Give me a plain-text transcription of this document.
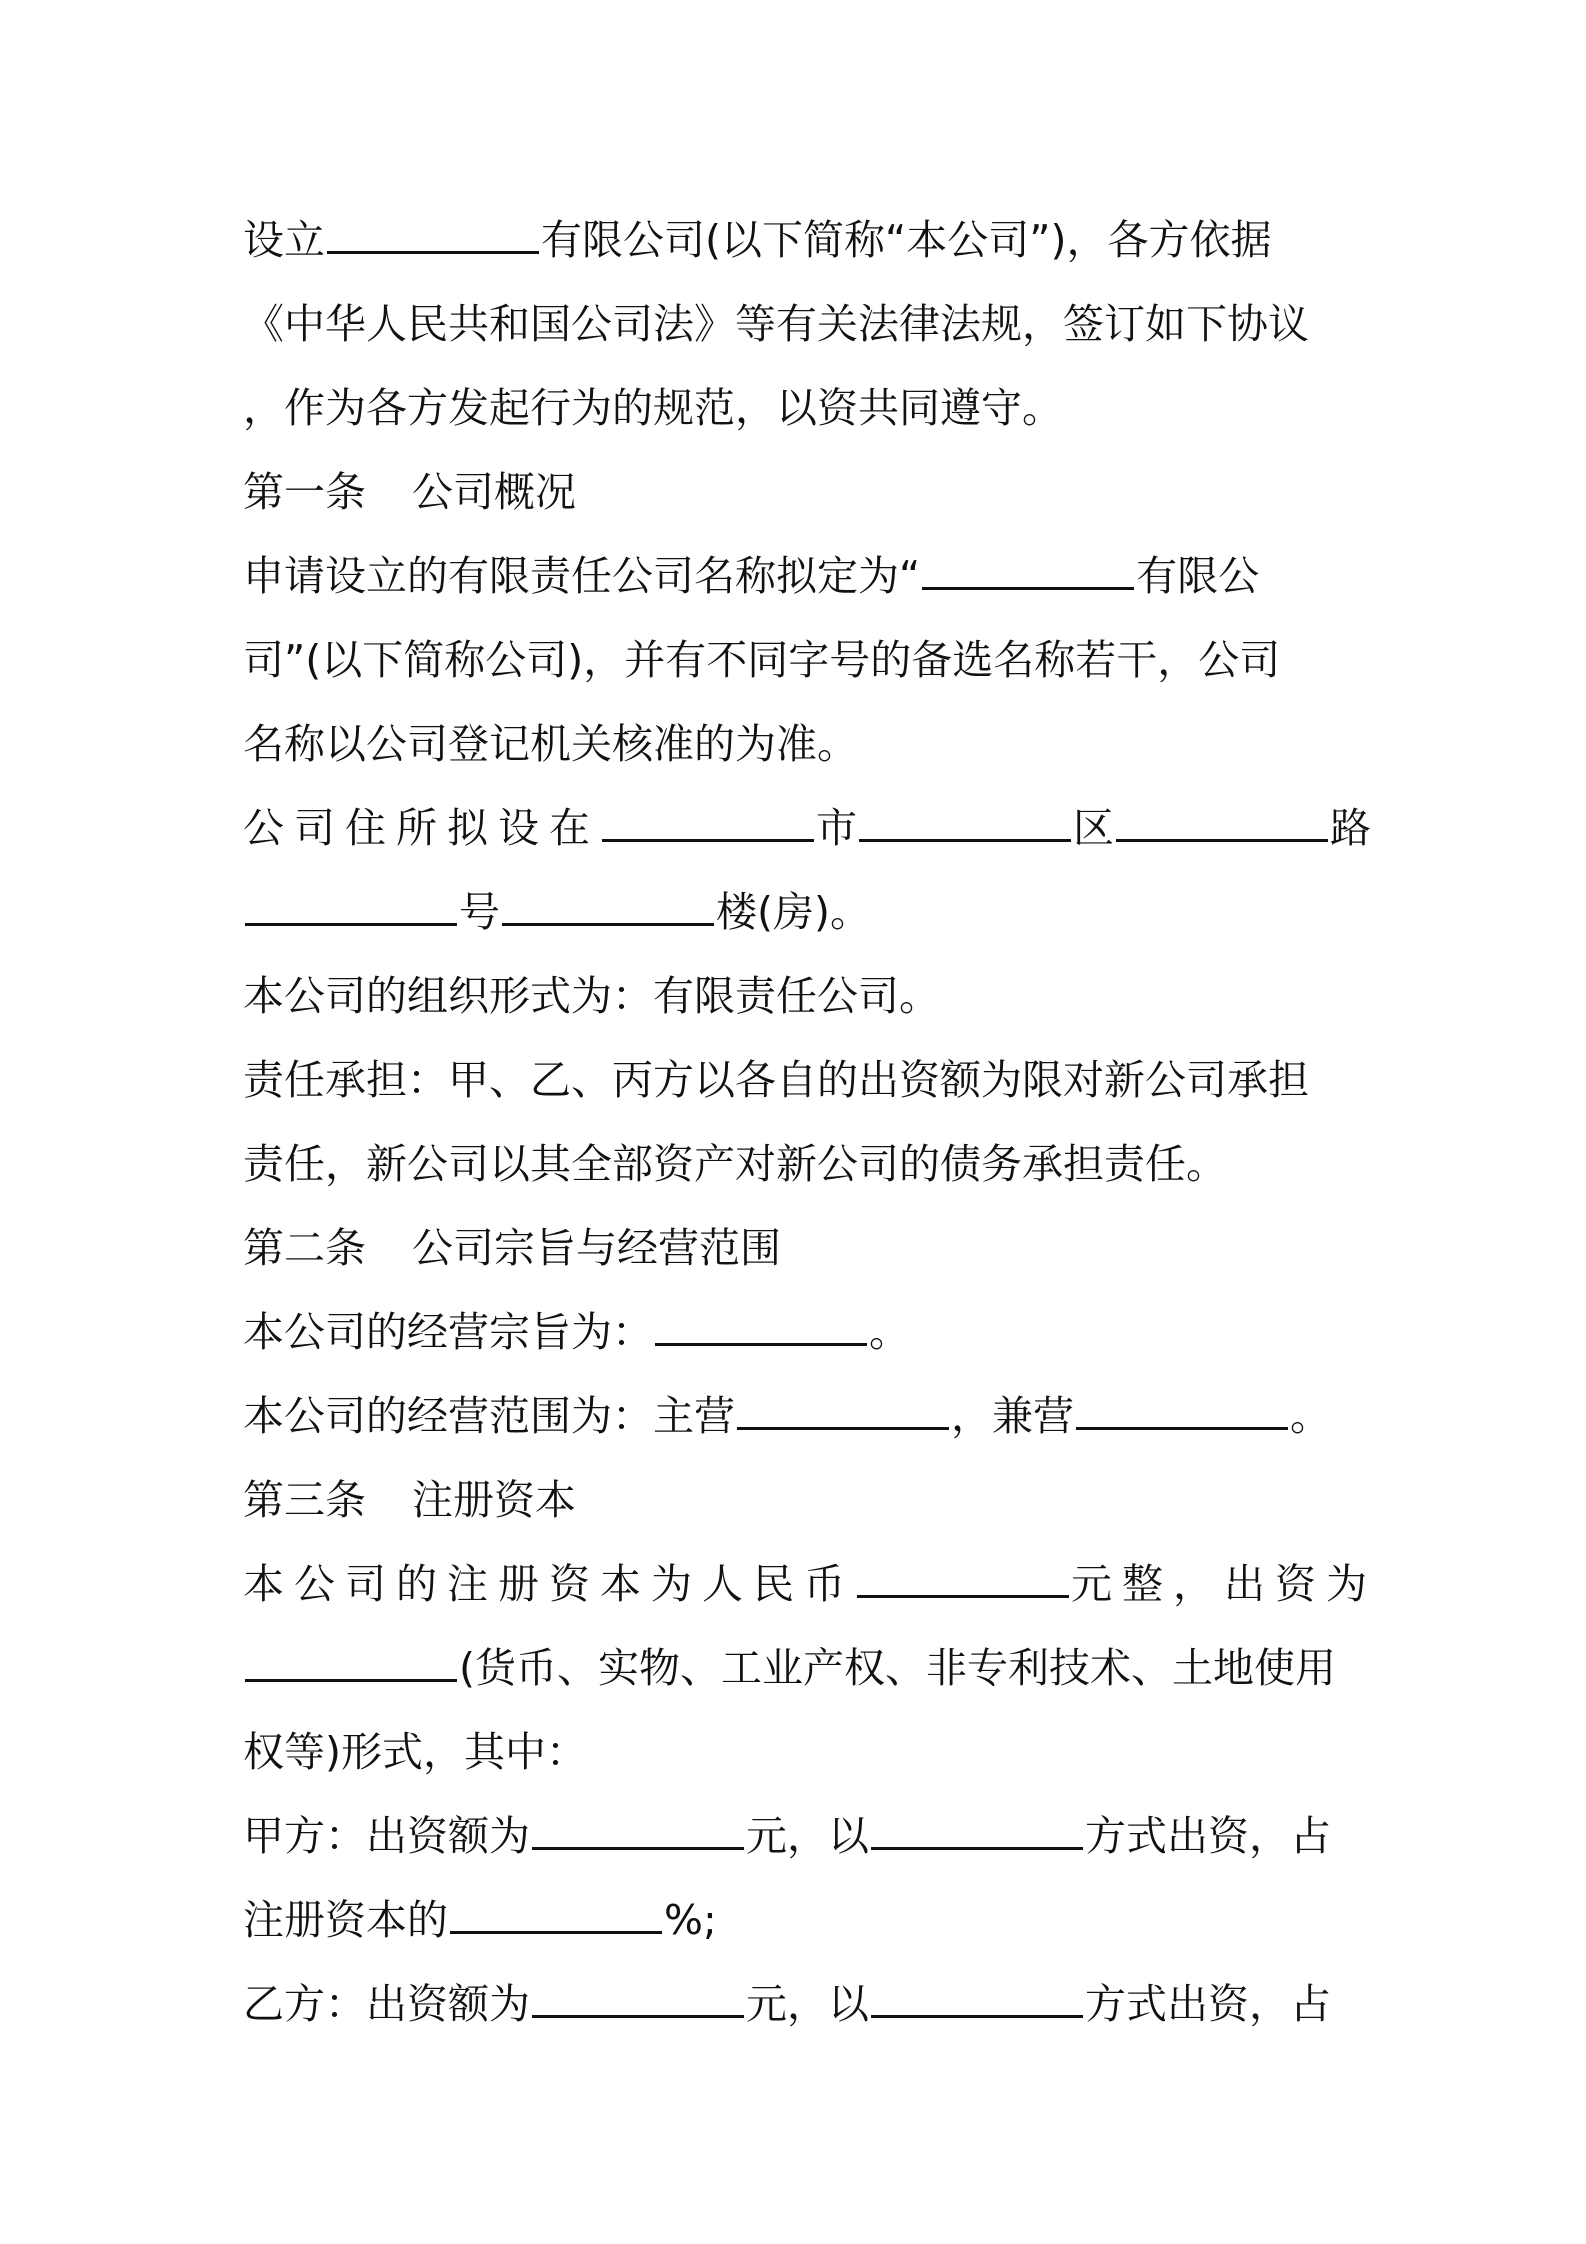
设立	有限公司(以下简称“本公司”)，各方依据
《中华人民共和国公司法》等有关法律法规，签订如下协议
，作为各方发起行为的规范，以资共同遵守。
第一条 公司概况
申请设立的有限责任公司名称拟定为“	有限公
司”(以下简称公司)，并有不同字号的备选名称若干，公司
名称以公司登记机关核准的为准。
公司住所拟设在	市	区	路
号	楼(房)。
本公司的组织形式为：有限责任公司。
责任承担：甲、乙、丙方以各自的出资额为限对新公司承担
责任，新公司以其全部资产对新公司的债务承担责任。
第二条 公司宗旨与经营范围
本公司的经营宗旨为：	。
本公司的经营范围为：主营	，兼营	。
第三条 注册资本
本公司的注册资本为人民币	元整，出资为
(货币、实物、工业产权、非专利技术、土地使用
权等)形式，其中：
甲方：出资额为	元，以	方式出资，占
注册资本的	%;
乙方：出资额为	元，以	方式出资，占
